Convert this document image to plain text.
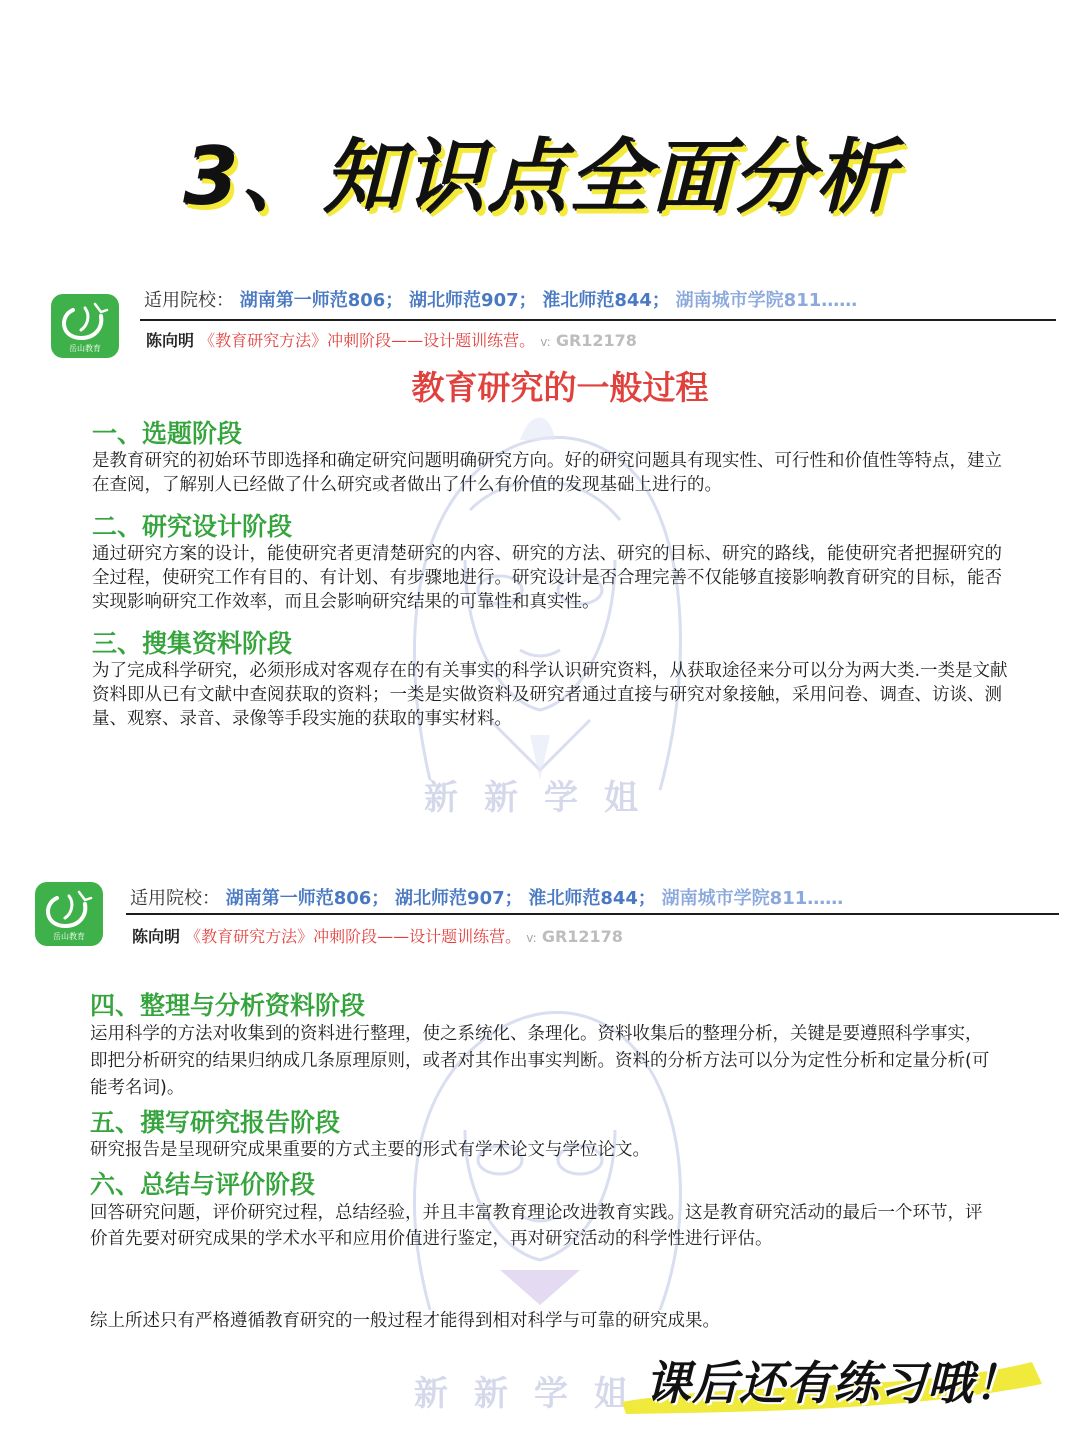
3、知识点全面分析
新新学姐
新新学姐
岳山教育
适用院校： 湖南第一师范806； 湖北师范907； 淮北师范844； 湖南城市学院811……
陈向明 《教育研究方法》冲刺阶段——设计题训练营。 v: GR12178
教育研究的一般过程
一、选题阶段
是教育研究的初始环节即选择和确定研究问题明确研究方向。好的研究问题具有现实性、可行性和价值性等特点，建立在查阅，了解别人已经做了什么研究或者做出了什么有价值的发现基础上进行的。
二、研究设计阶段
通过研究方案的设计，能使研究者更清楚研究的内容、研究的方法、研究的目标、研究的路线，能使研究者把握研究的全过程，使研究工作有目的、有计划、有步骤地进行。研究设计是否合理完善不仅能够直接影响教育研究的目标，能否实现影响研究工作效率，而且会影响研究结果的可靠性和真实性。
三、搜集资料阶段
为了完成科学研究，必须形成对客观存在的有关事实的科学认识研究资料，从获取途径来分可以分为两大类.一类是文献资料即从已有文献中查阅获取的资料；一类是实做资料及研究者通过直接与研究对象接触，采用问卷、调查、访谈、测量、观察、录音、录像等手段实施的获取的事实材料。
岳山教育
适用院校： 湖南第一师范806； 湖北师范907； 淮北师范844； 湖南城市学院811……
陈向明 《教育研究方法》冲刺阶段——设计题训练营。 v: GR12178
四、整理与分析资料阶段
运用科学的方法对收集到的资料进行整理，使之系统化、条理化。资料收集后的整理分析，关键是要遵照科学事实，即把分析研究的结果归纳成几条原理原则，或者对其作出事实判断。资料的分析方法可以分为定性分析和定量分析(可能考名词)。
五、撰写研究报告阶段
研究报告是呈现研究成果重要的方式主要的形式有学术论文与学位论文。
六、总结与评价阶段
回答研究问题，评价研究过程，总结经验，并且丰富教育理论改进教育实践。这是教育研究活动的最后一个环节，评价首先要对研究成果的学术水平和应用价值进行鉴定，再对研究活动的科学性进行评估。
综上所述只有严格遵循教育研究的一般过程才能得到相对科学与可靠的研究成果。
课后还有练习哦！
